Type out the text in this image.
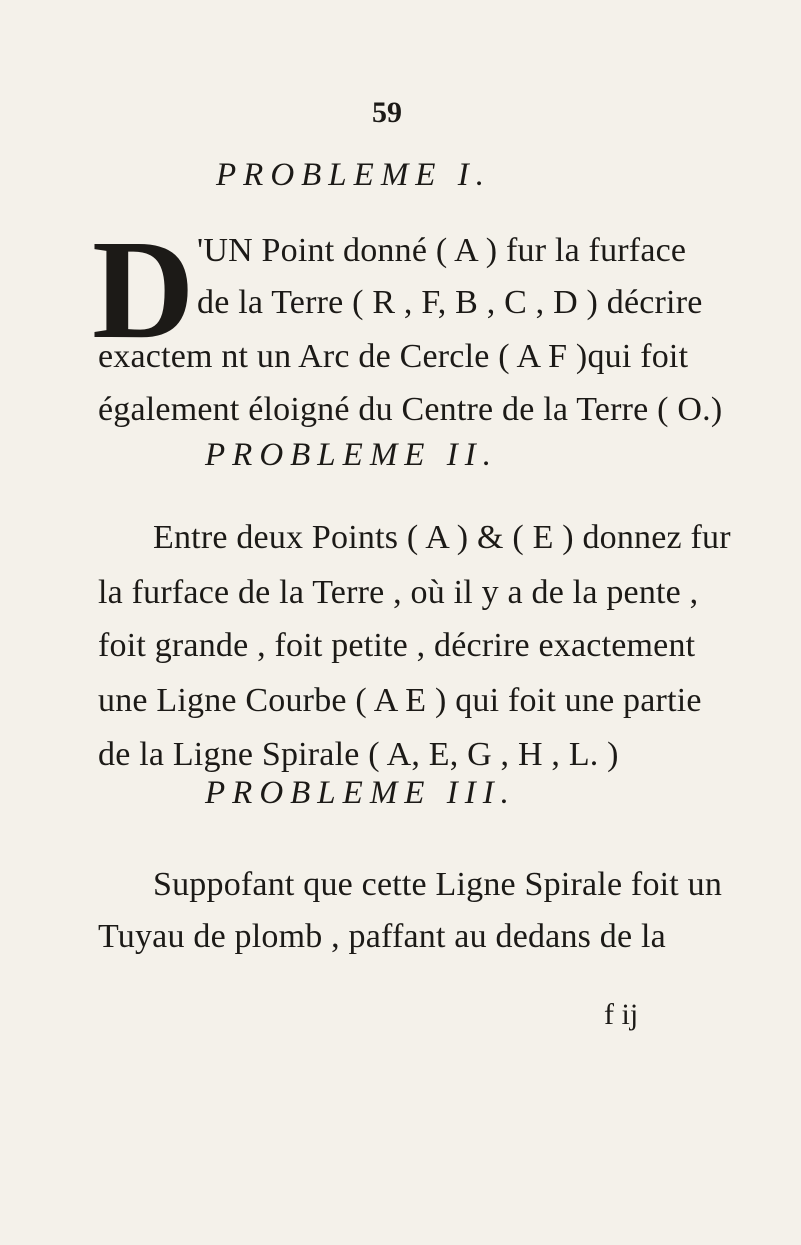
59
PROBLEME I.
D 'UN Point donné ( A ) fur la furface
de la Terre ( R , F, B , C , D ) décrire
exactem nt un Arc de Cercle ( A F )qui foit
également éloigné du Centre de la Terre ( O.)
PROBLEME II.
Entre deux Points ( A ) & ( E ) donnez fur
la furface de la Terre , où il y a de la pente ,
foit grande , foit petite , décrire exactement
une Ligne Courbe ( A E ) qui foit une partie
de la Ligne Spirale ( A, E, G , H , L. )
PROBLEME III.
Suppofant que cette Ligne Spirale foit un
Tuyau de plomb , paffant au dedans de la
f ij
